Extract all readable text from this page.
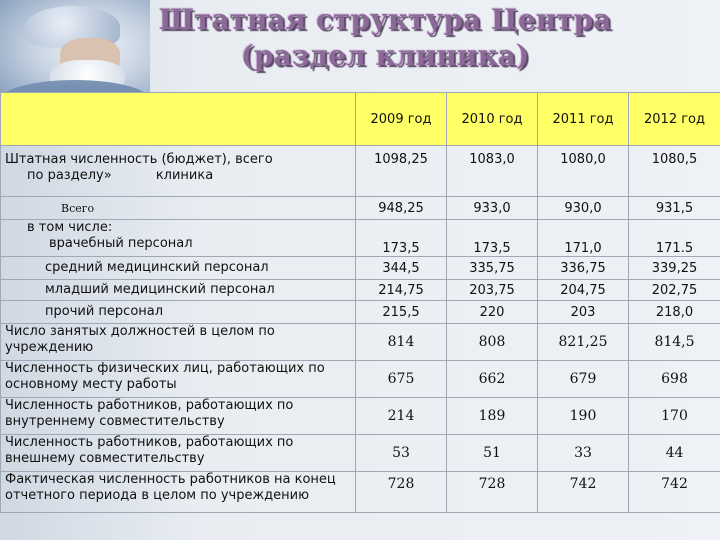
Штатная структура Центра
(раздел клиника)
	2009 год	2010 год	2011 год	2012 год

Штатная численность (бюджет), всего
по разделу» клиника	1098,25	1083,0	1080,0	1080,5
Всего	948,25	933,0	930,0	931,5

в том числе:
врачебный персонал	173,5	173,5	171,0	171.5
средний медицинский персонал	344,5	335,75	336,75	339,25
младший медицинский персонал	214,75	203,75	204,75	202,75
прочий персонал	215,5	220	203	218,0
Число занятых должностей в целом по учреждению	814	808	821,25	814,5
Численность физических лиц, работающих по основному месту работы	675	662	679	698
Численность работников, работающих по внутреннему совместительству	214	189	190	170
Численность работников, работающих по внешнему совместительству	53	51	33	44
Фактическая численность работников на конец отчетного периода в целом по учреждению	728	728	742	742
